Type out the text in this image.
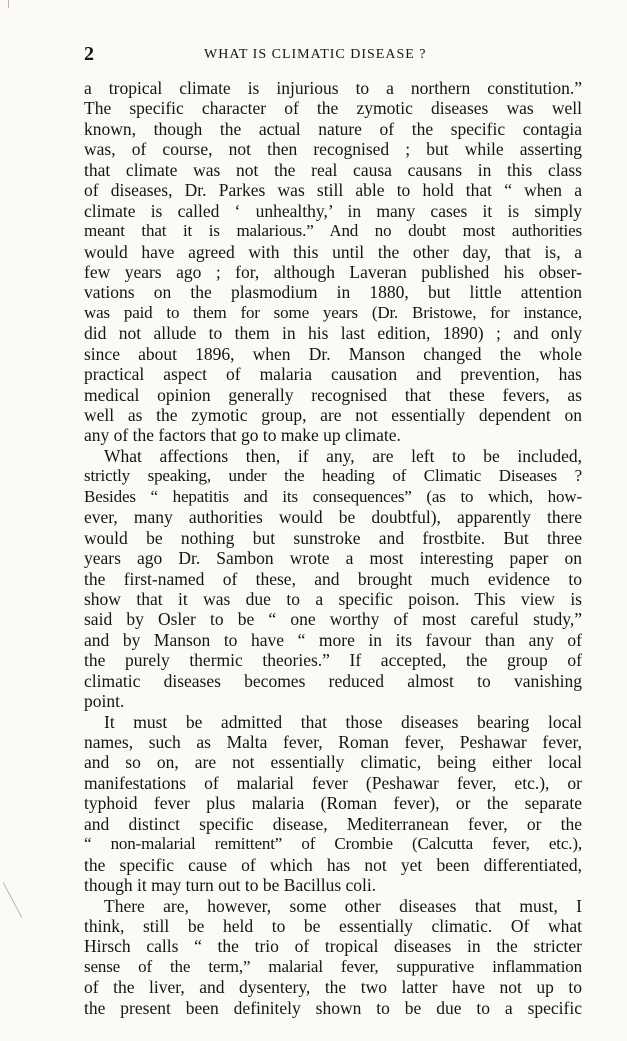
2	WHAT IS CLIMATIC DISEASE ?
a tropical climate is injurious to a northern constitution.”
The specific character of the zymotic diseases was well
known, though the actual nature of the specific contagia
was, of course, not then recognised ; but while asserting
that climate was not the real causa causans in this class
of diseases, Dr. Parkes was still able to hold that “ when a
climate is called ‘ unhealthy,’ in many cases it is simply
meant that it is malarious.” And no doubt most authorities
would have agreed with this until the other day, that is, a
few years ago ; for, although Laveran published his obser-
vations on the plasmodium in 1880, but little attention
was paid to them for some years (Dr. Bristowe, for instance,
did not allude to them in his last edition, 1890) ; and only
since about 1896, when Dr. Manson changed the whole
practical aspect of malaria causation and prevention, has
medical opinion generally recognised that these fevers, as
well as the zymotic group, are not essentially dependent on
any of the factors that go to make up climate.
What affections then, if any, are left to be included,
strictly speaking, under the heading of Climatic Diseases ?
Besides “ hepatitis and its consequences” (as to which, how-
ever, many authorities would be doubtful), apparently there
would be nothing but sunstroke and frostbite. But three
years ago Dr. Sambon wrote a most interesting paper on
the first-named of these, and brought much evidence to
show that it was due to a specific poison. This view is
said by Osler to be “ one worthy of most careful study,”
and by Manson to have “ more in its favour than any of
the purely thermic theories.” If accepted, the group of
climatic diseases becomes reduced almost to vanishing
point.
It must be admitted that those diseases bearing local
names, such as Malta fever, Roman fever, Peshawar fever,
and so on, are not essentially climatic, being either local
manifestations of malarial fever (Peshawar fever, etc.), or
typhoid fever plus malaria (Roman fever), or the separate
and distinct specific disease, Mediterranean fever, or the
“ non-malarial remittent” of Crombie (Calcutta fever, etc.),
the specific cause of which has not yet been differentiated,
though it may turn out to be Bacillus coli.
There are, however, some other diseases that must, I
think, still be held to be essentially climatic. Of what
Hirsch calls “ the trio of tropical diseases in the stricter
sense of the term,” malarial fever, suppurative inflammation
of the liver, and dysentery, the two latter have not up to
the present been definitely shown to be due to a specific
